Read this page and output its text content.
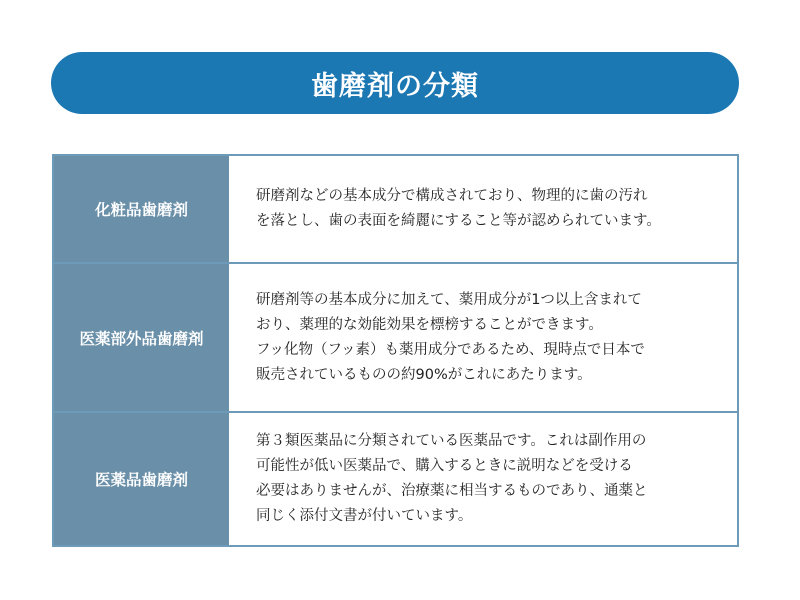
歯磨剤の分類
化粧品歯磨剤
研磨剤などの基本成分で構成されており、物理的に歯の汚れ
を落とし、歯の表面を綺麗にすること等が認められています。
医薬部外品歯磨剤
研磨剤等の基本成分に加えて、薬用成分が1つ以上含まれて
おり、薬理的な効能効果を標榜することができます。
フッ化物（フッ素）も薬用成分であるため、現時点で日本で
販売されているものの約90%がこれにあたります。
医薬品歯磨剤
第３類医薬品に分類されている医薬品です。これは副作用の
可能性が低い医薬品で、購入するときに説明などを受ける
必要はありませんが、治療薬に相当するものであり、通薬と
同じく添付文書が付いています。
